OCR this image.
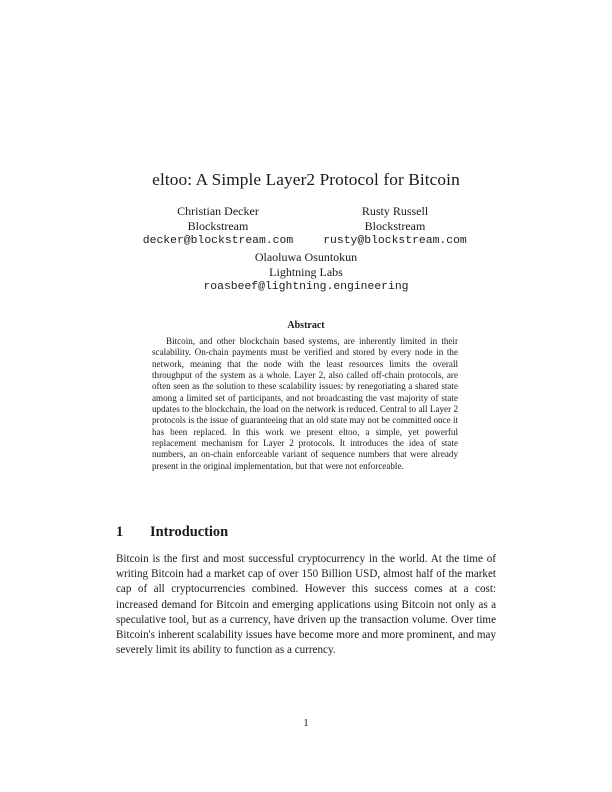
eltoo: A Simple Layer2 Protocol for Bitcoin
Christian Decker
Blockstream
decker@blockstream.com
Rusty Russell
Blockstream
rusty@blockstream.com
Olaoluwa Osuntokun
Lightning Labs
roasbeef@lightning.engineering
Abstract
Bitcoin, and other blockchain based systems, are inherently limited in their scalability. On-chain payments must be verified and stored by every node in the network, meaning that the node with the least resources limits the overall throughput of the system as a whole. Layer 2, also called off-chain protocols, are often seen as the solution to these scalability issues: by renegotiating a shared state among a limited set of participants, and not broadcasting the vast majority of state updates to the blockchain, the load on the network is reduced. Central to all Layer 2 protocols is the issue of guaranteeing that an old state may not be committed once it has been replaced. In this work we present eltoo, a simple, yet powerful replacement mechanism for Layer 2 protocols. It introduces the idea of state numbers, an on-chain enforceable variant of sequence numbers that were already present in the original implementation, but that were not enforceable.
1 Introduction
Bitcoin is the first and most successful cryptocurrency in the world. At the time of writing Bitcoin had a market cap of over 150 Billion USD, almost half of the market cap of all cryptocurrencies combined. However this success comes at a cost: increased demand for Bitcoin and emerging applications using Bitcoin not only as a speculative tool, but as a currency, have driven up the transaction volume. Over time Bitcoin's inherent scalability issues have become more and more prominent, and may severely limit its ability to function as a currency.
1
